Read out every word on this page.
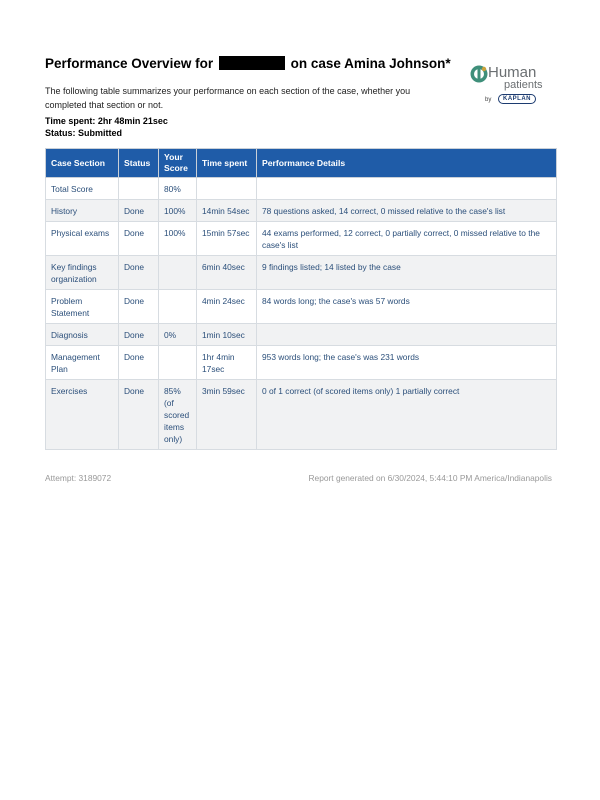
Performance Overview for	on case Amina Johnson*
The following table summarizes your performance on each section of the case, whether you completed that section or not.
Time spent: 2hr 48min 21sec
Status: Submitted
Human
patients
by	KAPLAN
Case Section	Status	Your Score	Time spent	Performance Details
Total Score		80%		
History	Done	100%	14min 54sec	78 questions asked, 14 correct, 0 missed relative to the case's list
Physical exams	Done	100%	15min 57sec	44 exams performed, 12 correct, 0 partially correct, 0 missed relative to the case's list
Key findings organization	Done		6min 40sec	9 findings listed; 14 listed by the case
Problem Statement	Done		4min 24sec	84 words long; the case's was 57 words
Diagnosis	Done	0%	1min 10sec	
Management Plan	Done		1hr 4min 17sec	953 words long; the case's was 231 words
Exercises	Done	85% (of scored items only)	3min 59sec	0 of 1 correct (of scored items only) 1 partially correct
Attempt: 3189072	Report generated on 6/30/2024, 5:44:10 PM America/Indianapolis
